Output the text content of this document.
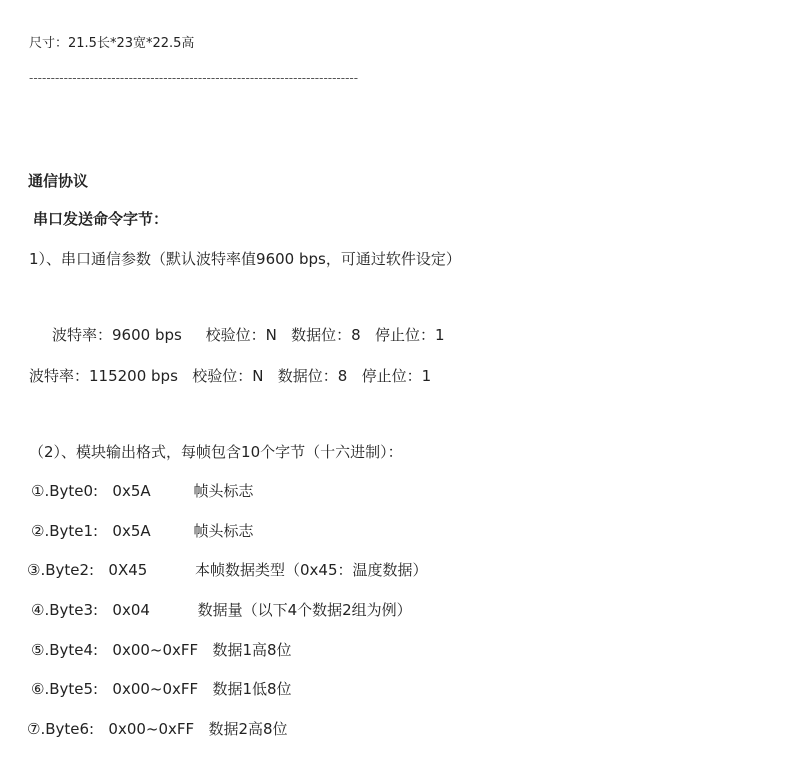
尺寸：21.5长*23宽*22.5高
----------------------------------------------------------------------------
通信协议
串口发送命令字节：
1）、串口通信参数（默认波特率值9600 bps，可通过软件设定）
波特率：9600 bps     校验位：N   数据位：8   停止位：1
波特率：115200 bps   校验位：N   数据位：8   停止位：1
（2）、模块输出格式，每帧包含10个字节（十六进制）：
①.Byte0:   0x5A         帧头标志
②.Byte1:   0x5A         帧头标志
③.Byte2:   0X45          本帧数据类型（0x45：温度数据）
④.Byte3:   0x04          数据量（以下4个数据2组为例）
⑤.Byte4:   0x00~0xFF   数据1高8位
⑥.Byte5:   0x00~0xFF   数据1低8位
⑦.Byte6:   0x00~0xFF   数据2高8位
